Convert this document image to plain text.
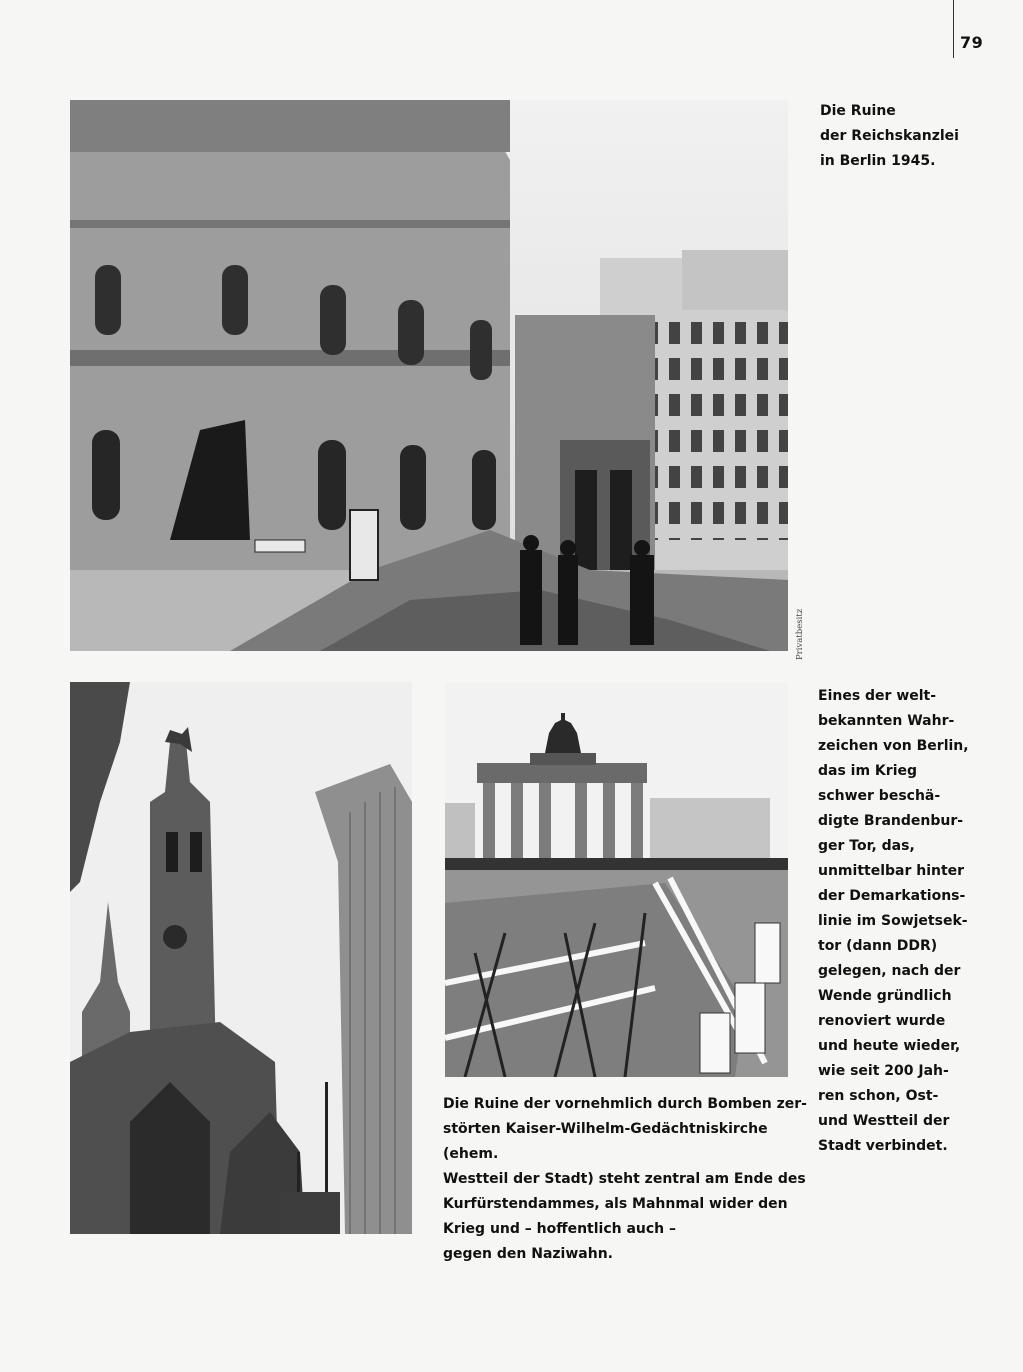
79
Privatbesitz

Die Ruine
der Reichskanzlei
in Berlin 1945.

Eines der welt-
bekannten Wahr-
zeichen von Berlin,
das im Krieg
schwer beschä-
digte Brandenbur-
ger Tor, das,
unmittelbar hinter
der Demarkations-
linie im Sowjetsek-
tor (dann DDR)
gelegen, nach der
Wende gründlich
renoviert wurde
und heute wieder,
wie seit 200 Jah-
ren schon, Ost-
und Westteil der
Stadt verbindet.

Die Ruine der vornehmlich durch Bomben zer-
störten Kaiser-Wilhelm-Gedächtniskirche (ehem.
Westteil der Stadt) steht zentral am Ende des
Kurfürstendammes, als Mahnmal wider den
Krieg und – hoffentlich auch –
gegen den Naziwahn.
